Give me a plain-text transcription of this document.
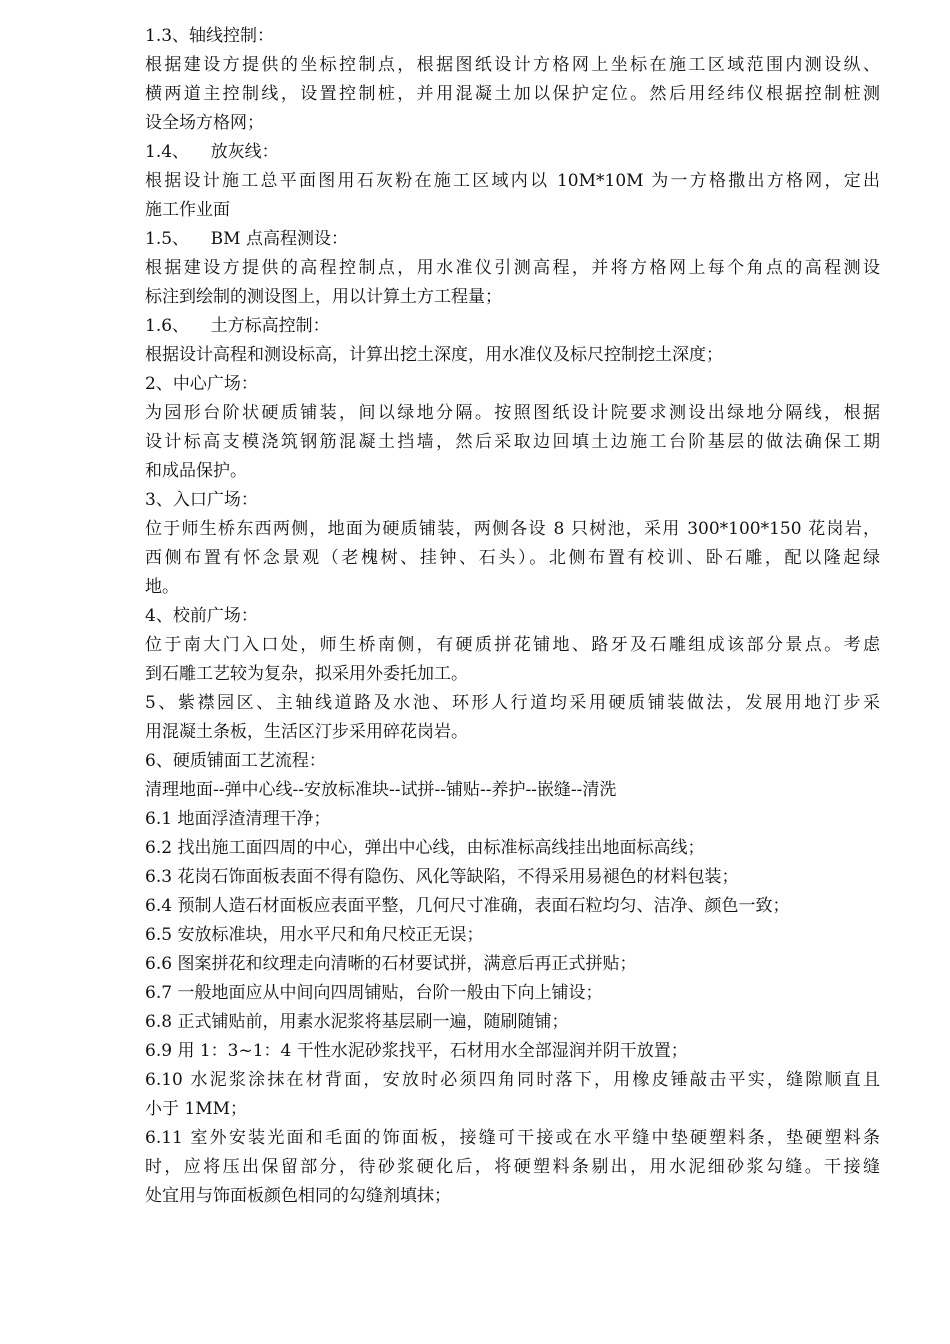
1.3、轴线控制：
根据建设方提供的坐标控制点，根据图纸设计方格网上坐标在施工区域范围内测设纵、
横两道主控制线，设置控制桩，并用混凝土加以保护定位。然后用经纬仪根据控制桩测
设全场方格网；
1.4、    放灰线：
根据设计施工总平面图用石灰粉在施工区域内以 10M*10M 为一方格撒出方格网，定出
施工作业面
1.5、    BM 点高程测设：
根据建设方提供的高程控制点，用水准仪引测高程，并将方格网上每个角点的高程测设
标注到绘制的测设图上，用以计算土方工程量；
1.6、    土方标高控制：
根据设计高程和测设标高，计算出挖土深度，用水准仪及标尺控制挖土深度；
2、中心广场：
为园形台阶状硬质铺装，间以绿地分隔。按照图纸设计院要求测设出绿地分隔线，根据
设计标高支模浇筑钢筋混凝土挡墙，然后采取边回填土边施工台阶基层的做法确保工期
和成品保护。
3、入口广场：
位于师生桥东西两侧，地面为硬质铺装，两侧各设 8 只树池，采用 300*100*150 花岗岩，
西侧布置有怀念景观（老槐树、挂钟、石头）。北侧布置有校训、卧石雕，配以隆起绿
地。
4、校前广场：
位于南大门入口处，师生桥南侧，有硬质拼花铺地、路牙及石雕组成该部分景点。考虑
到石雕工艺较为复杂，拟采用外委托加工。
5、紫襟园区、主轴线道路及水池、环形人行道均采用硬质铺装做法，发展用地汀步采
用混凝土条板，生活区汀步采用碎花岗岩。
6、硬质铺面工艺流程：
清理地面--弹中心线--安放标准块--试拼--铺贴--养护--嵌缝--清洗
6.1 地面浮渣清理干净；
6.2 找出施工面四周的中心，弹出中心线，由标准标高线挂出地面标高线；
6.3 花岗石饰面板表面不得有隐伤、风化等缺陷，不得采用易褪色的材料包装；
6.4 预制人造石材面板应表面平整，几何尺寸准确，表面石粒均匀、洁净、颜色一致；
6.5 安放标准块，用水平尺和角尺校正无误；
6.6 图案拼花和纹理走向清晰的石材要试拼，满意后再正式拼贴；
6.7 一般地面应从中间向四周铺贴，台阶一般由下向上铺设；
6.8 正式铺贴前，用素水泥浆将基层刷一遍，随刷随铺；
6.9 用 1：3~1：4 干性水泥砂浆找平，石材用水全部湿润并阴干放置；
6.10 水泥浆涂抹在材背面，安放时必须四角同时落下，用橡皮锤敲击平实，缝隙顺直且
小于 1MM；
6.11 室外安装光面和毛面的饰面板，接缝可干接或在水平缝中垫硬塑料条，垫硬塑料条
时，应将压出保留部分，待砂浆硬化后，将硬塑料条剔出，用水泥细砂浆勾缝。干接缝
处宜用与饰面板颜色相同的勾缝剂填抹；
